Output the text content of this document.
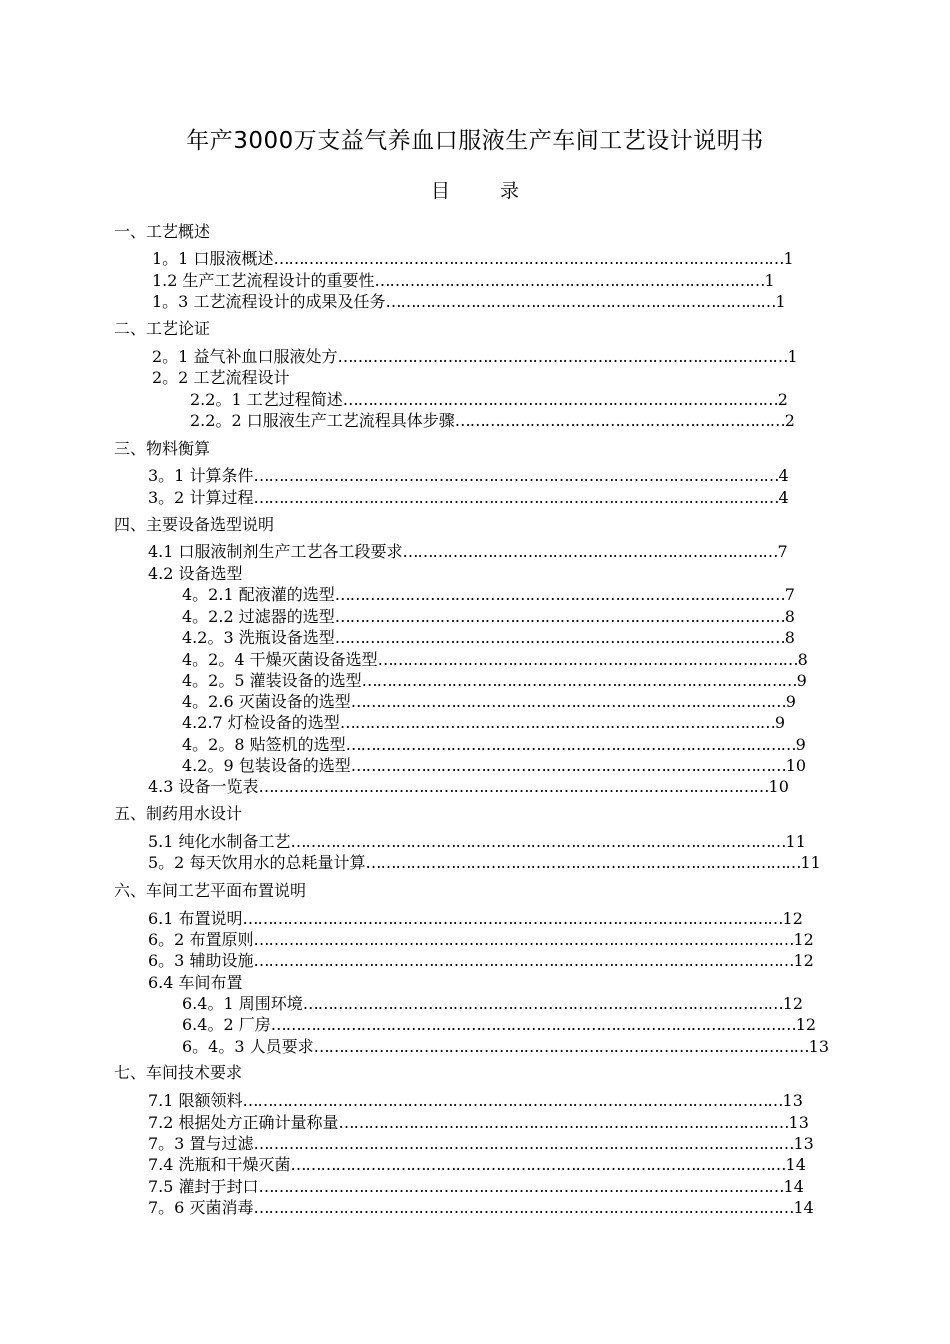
年产3000万支益气养血口服液生产车间工艺设计说明书
目 录
一、工艺概述
1。1 口服液概述…………………………………………………………………………………………1
1.2 生产工艺流程设计的重要性……………………………………………………………………1
1。3 工艺流程设计的成果及任务……………………………………………………………………1
二、工艺论证
2。1 益气补血口服液处方………………………………………………………………………………1
2。2 工艺流程设计
2.2。1 工艺过程简述……………………………………………………………………………2
2.2。2 口服液生产工艺流程具体步骤…………………………………………………………2
三、物料衡算
3。1 计算条件……………………………………………………………………………………………4
3。2 计算过程……………………………………………………………………………………………4
四、主要设备选型说明
4.1 口服液制剂生产工艺各工段要求…………………………………………………………………7
4.2 设备选型
4。2.1 配液灌的选型………………………………………………………………………………7
4。2.2 过滤器的选型………………………………………………………………………………8
4.2。3 洗瓶设备选型………………………………………………………………………………8
4。2。4 干燥灭菌设备选型…………………………………………………………………………8
4。2。5 灌装设备的选型……………………………………………………………………………9
4。2.6 灭菌设备的选型……………………………………………………………………………9
4.2.7 灯检设备的选型……………………………………………………………………………9
4。2。8 贴签机的选型………………………………………………………………………………9
4.2。9 包装设备的选型……………………………………………………………………………10
4.3 设备一览表…………………………………………………………………………………………10
五、制药用水设计
5.1 纯化水制备工艺………………………………………………………………………………………11
5。2 每天饮用水的总耗量计算……………………………………………………………………………11
六、车间工艺平面布置说明
6.1 布置说明………………………………………………………………………………………………12
6。2 布置原则………………………………………………………………………………………………12
6。3 辅助设施………………………………………………………………………………………………12
6.4 车间布置
6.4。1 周围环境……………………………………………………………………………………12
6.4。2 厂房……………………………………………………………………………………………12
6。4。3 人员要求………………………………………………………………………………………13
七、车间技术要求
7.1 限额领料………………………………………………………………………………………………13
7.2 根据处方正确计量称量………………………………………………………………………………13
7。3 置与过滤………………………………………………………………………………………………13
7.4 洗瓶和干燥灭菌………………………………………………………………………………………14
7.5 灌封于封口……………………………………………………………………………………………14
7。6 灭菌消毒………………………………………………………………………………………………14
